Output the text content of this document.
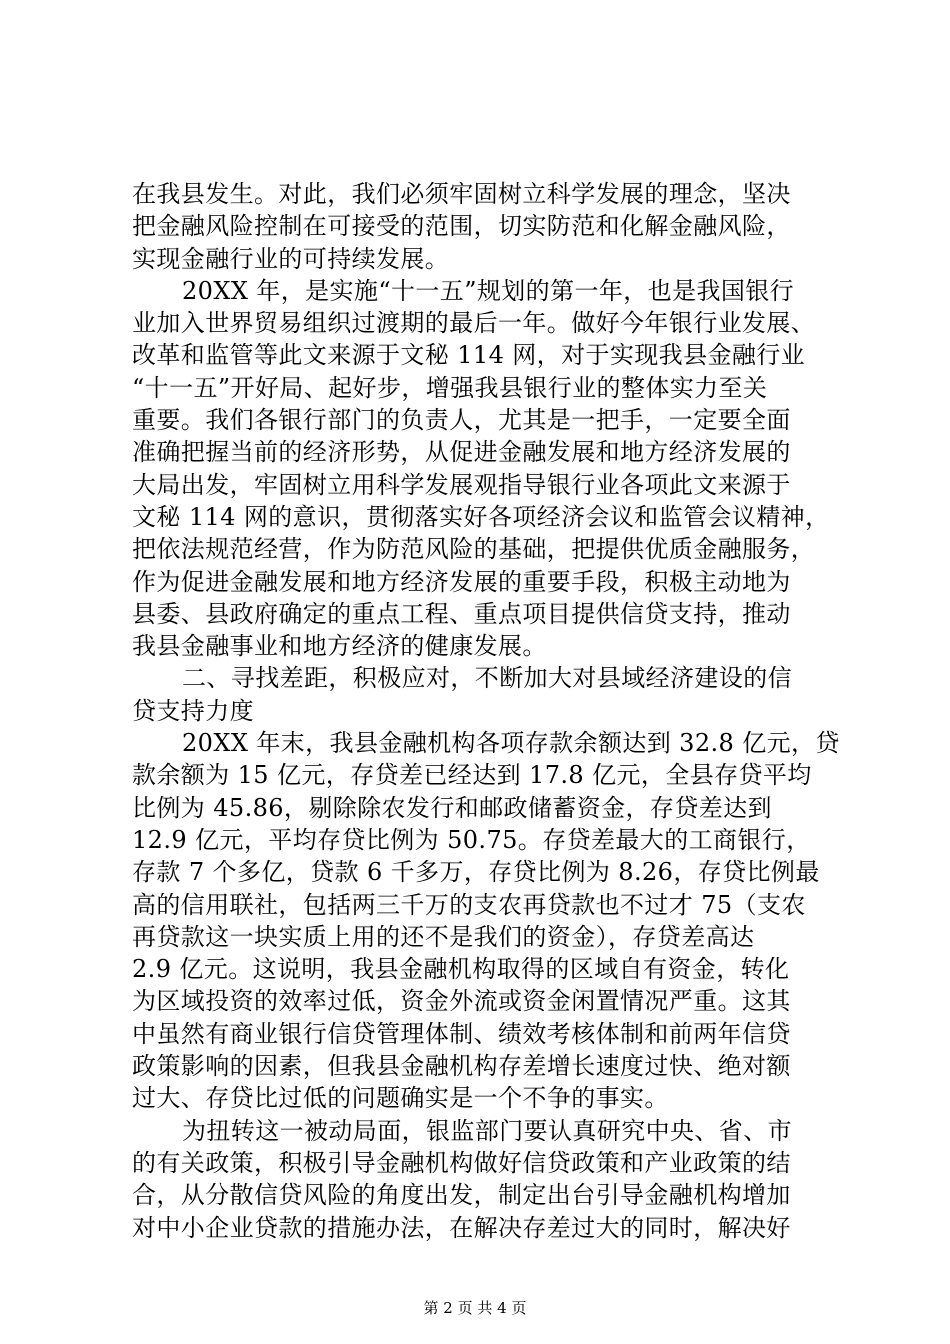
在我县发生。对此，我们必须牢固树立科学发展的理念，坚决
把金融风险控制在可接受的范围，切实防范和化解金融风险，
实现金融行业的可持续发展。
20XX 年，是实施“十一五”规划的第一年，也是我国银行
业加入世界贸易组织过渡期的最后一年。做好今年银行业发展、
改革和监管等此文来源于文秘 114 网，对于实现我县金融行业
“十一五”开好局、起好步，增强我县银行业的整体实力至关
重要。我们各银行部门的负责人，尤其是一把手，一定要全面
准确把握当前的经济形势，从促进金融发展和地方经济发展的
大局出发，牢固树立用科学发展观指导银行业各项此文来源于
文秘 114 网的意识，贯彻落实好各项经济会议和监管会议精神，
把依法规范经营，作为防范风险的基础，把提供优质金融服务，
作为促进金融发展和地方经济发展的重要手段，积极主动地为
县委、县政府确定的重点工程、重点项目提供信贷支持，推动
我县金融事业和地方经济的健康发展。
二、寻找差距，积极应对，不断加大对县域经济建设的信
贷支持力度
20XX 年末，我县金融机构各项存款余额达到 32.8 亿元，贷
款余额为 15 亿元，存贷差已经达到 17.8 亿元，全县存贷平均
比例为 45.86，剔除除农发行和邮政储蓄资金，存贷差达到
12.9 亿元，平均存贷比例为 50.75。存贷差最大的工商银行，
存款 7 个多亿，贷款 6 千多万，存贷比例为 8.26，存贷比例最
高的信用联社，包括两三千万的支农再贷款也不过才 75（支农
再贷款这一块实质上用的还不是我们的资金），存贷差高达
2.9 亿元。这说明，我县金融机构取得的区域自有资金，转化
为区域投资的效率过低，资金外流或资金闲置情况严重。这其
中虽然有商业银行信贷管理体制、绩效考核体制和前两年信贷
政策影响的因素，但我县金融机构存差增长速度过快、绝对额
过大、存贷比过低的问题确实是一个不争的事实。
为扭转这一被动局面，银监部门要认真研究中央、省、市
的有关政策，积极引导金融机构做好信贷政策和产业政策的结
合，从分散信贷风险的角度出发，制定出台引导金融机构增加
对中小企业贷款的措施办法，在解决存差过大的同时，解决好
第 2 页 共 4 页
